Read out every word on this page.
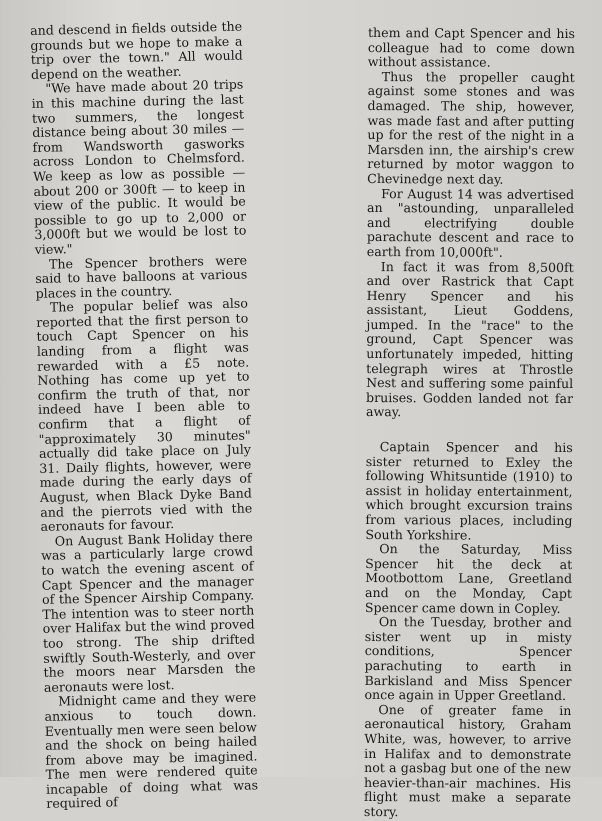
and descend in fields outside the grounds but we hope to make a trip over the town." All would depend on the weather.

"We have made about 20 trips in this machine during the last two summers, the longest distance being about 30 miles — from Wandsworth gasworks across London to Chelmsford. We keep as low as possible — about 200 or 300ft — to keep in view of the public. It would be possible to go up to 2,000 or 3,000ft but we would be lost to view."

The Spencer brothers were said to have balloons at various places in the country.

The popular belief was also reported that the first person to touch Capt Spencer on his landing from a flight was rewarded with a £5 note. Nothing has come up yet to confirm the truth of that, nor indeed have I been able to confirm that a flight of "approximately 30 minutes" actually did take place on July 31. Daily flights, however, were made during the early days of August, when Black Dyke Band and the pierrots vied with the aeronauts for favour.

On August Bank Holiday there was a particularly large crowd to watch the evening ascent of Capt Spencer and the manager of the Spencer Airship Company. The intention was to steer north over Halifax but the wind proved too strong. The ship drifted swiftly South-Westerly, and over the moors near Marsden the aeronauts were lost.

Midnight came and they were anxious to touch down. Eventually men were seen below and the shock on being hailed from above may be imagined. The men were rendered quite incapable of doing what was required of

them and Capt Spencer and his colleague had to come down without assistance.

Thus the propeller caught against some stones and was damaged. The ship, however, was made fast and after putting up for the rest of the night in a Marsden inn, the airship's crew returned by motor waggon to Chevinedge next day.

For August 14 was advertised an "astounding, unparalleled and electrifying double parachute descent and race to earth from 10,000ft".

In fact it was from 8,500ft and over Rastrick that Capt Henry Spencer and his assistant, Lieut Goddens, jumped. In the "race" to the ground, Capt Spencer was unfortunately impeded, hitting telegraph wires at Throstle Nest and suffering some painful bruises. Godden landed not far away.

Captain Spencer and his sister returned to Exley the following Whitsuntide (1910) to assist in holiday entertainment, which brought excursion trains from various places, including South Yorkshire.

On the Saturday, Miss Spencer hit the deck at Mootbottom Lane, Greetland and on the Monday, Capt Spencer came down in Copley.

On the Tuesday, brother and sister went up in misty conditions, Spencer parachuting to earth in Barkisland and Miss Spencer once again in Upper Greetland.

One of greater fame in aeronautical history, Graham White, was, however, to arrive in Halifax and to demonstrate not a gasbag but one of the new heavier-than-air machines. His flight must make a separate story.
